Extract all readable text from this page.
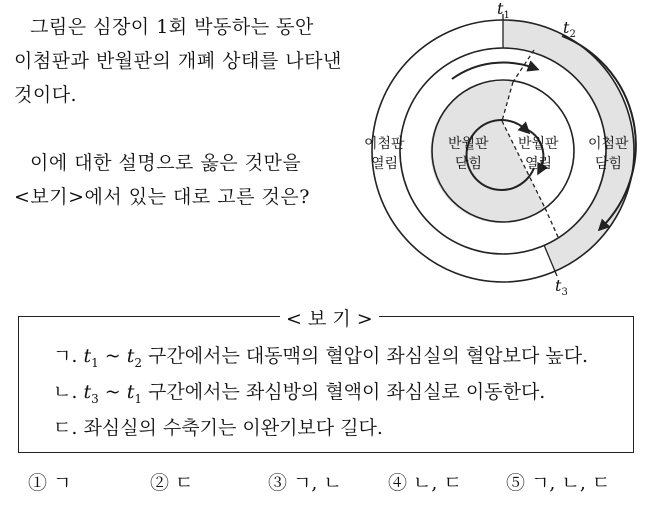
그림은 심장이 1회 박동하는 동안
이첨판과 반월판의 개폐 상태를 나타낸
것이다.
이에 대한 설명으로 옳은 것만을
<보기>에서 있는 대로 고른 것은?
이첨판
열림
이첨판
닫힘
반월판
닫힘
반월판
열림
$t_1$
$t_2$
$t_3$
ㄱ. $t_1$ ~ $t_2$ 구간에서는 대동맥의 혈압이 좌심실의 혈압보다 높다.
ㄴ. $t_3$ ~ $t_1$ 구간에서는 좌심방의 혈액이 좌심실로 이동한다.
ㄷ. 좌심실의 수축기는 이완기보다 길다.
< 보 기 >
① ㄱ	② ㄷ	③ ㄱ, ㄴ ④ ㄴ, ㄷ ⑤ ㄱ, ㄴ, ㄷ
